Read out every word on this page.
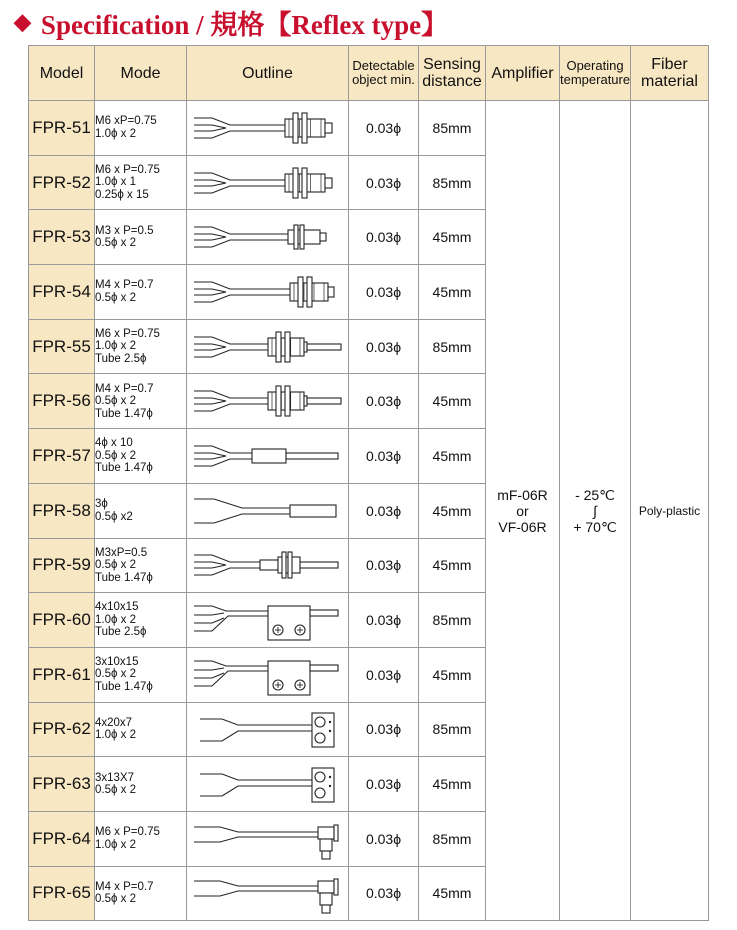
◆ Specification / 規格【Reflex type】
Model	Mode	Outline	Detectable
object min.	Sensing
distance	Amplifier	Operating
temperature	Fiber
material

FPR-51	M6 xP=0.75
1.0ϕ x 2		0.03ϕ	85mm	mF-06R
or
VF-06R	- 25℃
∫
+ 70℃	Poly-plastic
FPR-52	M6 x P=0.75
1.0ϕ x 1
0.25ϕ x 15		0.03ϕ	85mm			
FPR-53	M3 x P=0.5
0.5ϕ x 2		0.03ϕ	45mm			
FPR-54	M4 x P=0.7
0.5ϕ x 2		0.03ϕ	45mm			
FPR-55	M6 x P=0.75
1.0ϕ x 2
Tube 2.5ϕ		0.03ϕ	85mm			
FPR-56	M4 x P=0.7
0.5ϕ x 2
Tube 1.47ϕ		0.03ϕ	45mm			
FPR-57	4ϕ x 10
0.5ϕ x 2
Tube 1.47ϕ		0.03ϕ	45mm			
FPR-58	3ϕ
0.5ϕ x2		0.03ϕ	45mm			
FPR-59	M3xP=0.5
0.5ϕ x 2
Tube 1.47ϕ		0.03ϕ	45mm			
FPR-60	4x10x15
1.0ϕ x 2
Tube 2.5ϕ		0.03ϕ	85mm			
FPR-61	3x10x15
0.5ϕ x 2
Tube 1.47ϕ		0.03ϕ	45mm			
FPR-62	4x20x7
1.0ϕ x 2		0.03ϕ	85mm			
FPR-63	3x13X7
0.5ϕ x 2		0.03ϕ	45mm			
FPR-64	M6 x P=0.75
1.0ϕ x 2		0.03ϕ	85mm			
FPR-65	M4 x P=0.7
0.5ϕ x 2		0.03ϕ	45mm			
